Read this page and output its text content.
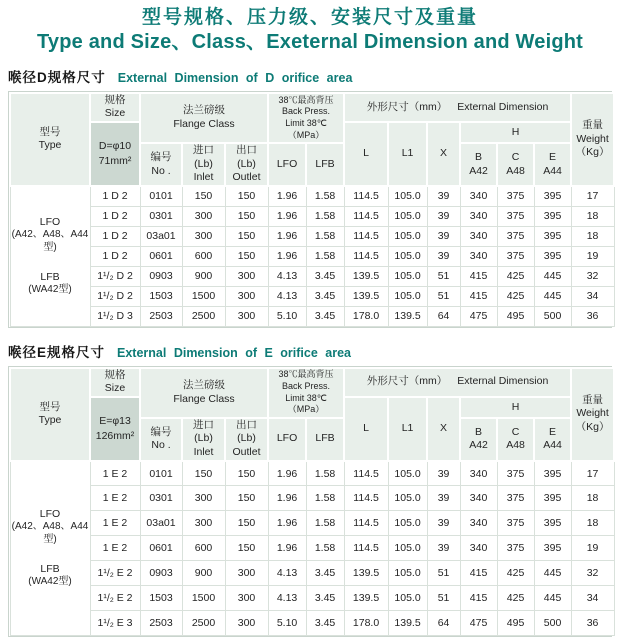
型号规格、压力级、安装尺寸及重量
Type and Size、Class、Exeternal Dimension and Weight
喉径D规格尺寸 External Dimension of D orifice area
型号
Type	规格
Size	法兰磅级
Flange Class			38℃最高背压
Back Press.
Limit 38℃
（MPa）		外形尺寸（mm） External Dimension						重量
Weight
（Kg）

	D=φ10
71mm²						L	L1	X	H			

		编号
No .	进口(Lb)
Inlet	出口(Lb)
Outlet	LFO	LFB				B
A42	C
A48	E
A44	

LFO
(A42、A48、A44型)
LFB
(WA42型)	1 D 2	0101	150	150	1.96	1.58	114.5	105.0	39	340	375	395	17
	1 D 2	0301	300	150	1.96	1.58	114.5	105.0	39	340	375	395	18
	1 D 2	03a01	300	150	1.96	1.58	114.5	105.0	39	340	375	395	18
	1 D 2	0601	600	150	1.96	1.58	114.5	105.0	39	340	375	395	19
	1¹/₂ D 2	0903	900	300	4.13	3.45	139.5	105.0	51	415	425	445	32
	1¹/₂ D 2	1503	1500	300	4.13	3.45	139.5	105.0	51	415	425	445	34
	1¹/₂ D 3	2503	2500	300	5.10	3.45	178.0	139.5	64	475	495	500	36
喉径E规格尺寸 External Dimension of E orifice area
型号
Type	规格
Size	法兰磅级
Flange Class			38℃最高背压
Back Press.
Limit 38℃
（MPa）		外形尺寸（mm） External Dimension						重量
Weight
（Kg）

	E=φ13
126mm²						L	L1	X	H			

		编号
No .	进口(Lb)
Inlet	出口(Lb)
Outlet	LFO	LFB				B
A42	C
A48	E
A44	

LFO
(A42、A48、A44型)
LFB
(WA42型)	1 E 2	0101	150	150	1.96	1.58	114.5	105.0	39	340	375	395	17
	1 E 2	0301	300	150	1.96	1.58	114.5	105.0	39	340	375	395	18
	1 E 2	03a01	300	150	1.96	1.58	114.5	105.0	39	340	375	395	18
	1 E 2	0601	600	150	1.96	1.58	114.5	105.0	39	340	375	395	19
	1¹/₂ E 2	0903	900	300	4.13	3.45	139.5	105.0	51	415	425	445	32
	1¹/₂ E 2	1503	1500	300	4.13	3.45	139.5	105.0	51	415	425	445	34
	1¹/₂ E 3	2503	2500	300	5.10	3.45	178.0	139.5	64	475	495	500	36
